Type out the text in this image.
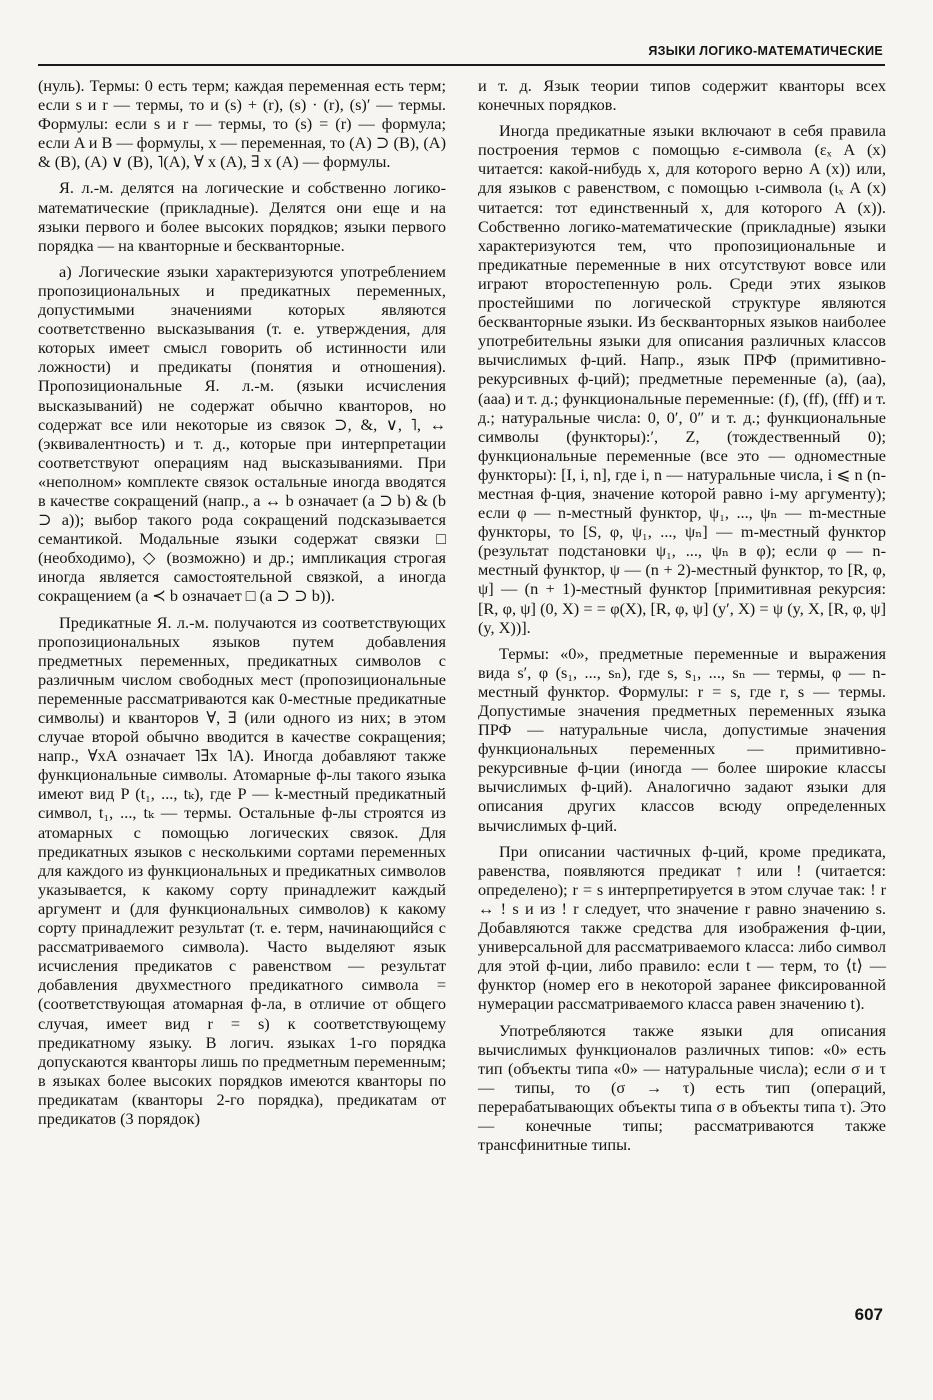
ЯЗЫКИ ЛОГИКО-МАТЕМАТИЧЕСКИЕ

(нуль). Термы: 0 есть терм; каждая переменная есть терм; если s и r — термы, то и (s) + (r), (s) · (r), (s)′ — термы. Формулы: если s и r — термы, то (s) = (r) — формула; если A и B — формулы, x — переменная, то (A) ⊃ (B), (A) & (B), (A) ∨ (B), ˥(A), ∀ x (A), ∃ x (A) — формулы.

Я. л.-м. делятся на логические и собственно логико-математические (прикладные). Делятся они еще и на языки первого и более высоких порядков; языки первого порядка — на кванторные и бескванторные.

а) Логические языки характеризуются употреблением пропозициональных и предикатных переменных, допустимыми значениями которых являются соответственно высказывания (т. е. утверждения, для которых имеет смысл говорить об истинности или ложности) и предикаты (понятия и отношения). Пропозициональные Я. л.-м. (языки исчисления высказываний) не содержат обычно кванторов, но содержат все или некоторые из связок ⊃, &, ∨, ˥, ↔ (эквивалентность) и т. д., которые при интерпретации соответствуют операциям над высказываниями. При «неполном» комплекте связок остальные иногда вводятся в качестве сокращений (напр., a ↔ b означает (a ⊃ b) & (b ⊃ a)); выбор такого рода сокращений подсказывается семантикой. Модальные языки содержат связки □ (необходимо), ◇ (возможно) и др.; импликация строгая иногда является самостоятельной связкой, а иногда сокращением (a ≺ b означает □ (a ⊃ ⊃ b)).

Предикатные Я. л.-м. получаются из соответствующих пропозициональных языков путем добавления предметных переменных, предикатных символов с различным числом свободных мест (пропозициональные переменные рассматриваются как 0-местные предикатные символы) и кванторов ∀, ∃ (или одного из них; в этом случае второй обычно вводится в качестве сокращения; напр., ∀xA означает ˥∃x ˥A). Иногда добавляют также функциональные символы. Атомарные ф-лы такого языка имеют вид P (t₁, ..., tₖ), где P — k-местный предикатный символ, t₁, ..., tₖ — термы. Остальные ф-лы строятся из атомарных с помощью логических связок. Для предикатных языков с несколькими сортами переменных для каждого из функциональных и предикатных символов указывается, к какому сорту принадлежит каждый аргумент и (для функциональных символов) к какому сорту принадлежит результат (т. е. терм, начинающийся с рассматриваемого символа). Часто выделяют язык исчисления предикатов с равенством — результат добавления двухместного предикатного символа = (соответствующая атомарная ф-ла, в отличие от общего случая, имеет вид r = s) к соответствующему предикатному языку. В логич. языках 1-го порядка допускаются кванторы лишь по предметным переменным; в языках более высоких порядков имеются кванторы по предикатам (кванторы 2-го порядка), предикатам от предикатов (3 порядок)

и т. д. Язык теории типов содержит кванторы всех конечных порядков.

Иногда предикатные языки включают в себя правила построения термов с помощью ε-символа (εₓ A (x) читается: какой-нибудь x, для которого верно A (x)) или, для языков с равенством, с помощью ι-символа (ιₓ A (x) читается: тот единственный x, для которого A (x)). Собственно логико-математические (прикладные) языки характеризуются тем, что пропозициональные и предикатные переменные в них отсутствуют вовсе или играют второстепенную роль. Среди этих языков простейшими по логической структуре являются бескванторные языки. Из бескванторных языков наиболее употребительны языки для описания различных классов вычислимых ф-ций. Напр., язык ПРФ (примитивно-рекурсивных ф-ций); предметные переменные (a), (aa), (aaa) и т. д.; функциональные переменные: (f), (ff), (fff) и т. д.; натуральные числа: 0, 0′, 0″ и т. д.; функциональные символы (функторы):′, Z, (тождественный 0); функциональные переменные (все это — одноместные функторы): [I, i, n], где i, n — натуральные числа, i ⩽ n (n-местная ф-ция, значение которой равно i-му аргументу); если φ — n-местный функтор, ψ₁, ..., ψₙ — m-местные функторы, то [S, φ, ψ₁, ..., ψₙ] — m-местный функтор (результат подстановки ψ₁, ..., ψₙ в φ); если φ — n-местный функтор, ψ — (n + 2)-местный функтор, то [R, φ, ψ] — (n + 1)-местный функтор [примитивная рекурсия: [R, φ, ψ] (0, X) = = φ(X), [R, φ, ψ] (y′, X) = ψ (y, X, [R, φ, ψ] (y, X))].

Термы: «0», предметные переменные и выражения вида s′, φ (s₁, ..., sₙ), где s, s₁, ..., sₙ — термы, φ — n-местный функтор. Формулы: r = s, где r, s — термы. Допустимые значения предметных переменных языка ПРФ — натуральные числа, допустимые значения функциональных переменных — примитивно-рекурсивные ф-ции (иногда — более широкие классы вычислимых ф-ций). Аналогично задают языки для описания других классов всюду определенных вычислимых ф-ций.

При описании частичных ф-ций, кроме предиката, равенства, появляются предикат ↑ или ! (читается: определено); r = s интерпретируется в этом случае так: ! r ↔ ! s и из ! r следует, что значение r равно значению s. Добавляются также средства для изображения ф-ции, универсальной для рассматриваемого класса: либо символ для этой ф-ции, либо правило: если t — терм, то ⟨t⟩ — функтор (номер его в некоторой заранее фиксированной нумерации рассматриваемого класса равен значению t).

Употребляются также языки для описания вычислимых функционалов различных типов: «0» есть тип (объекты типа «0» — натуральные числа); если σ и τ — типы, то (σ → τ) есть тип (операций, перерабатывающих объекты типа σ в объекты типа τ). Это — конечные типы; рассматриваются также трансфинитные типы.

607
